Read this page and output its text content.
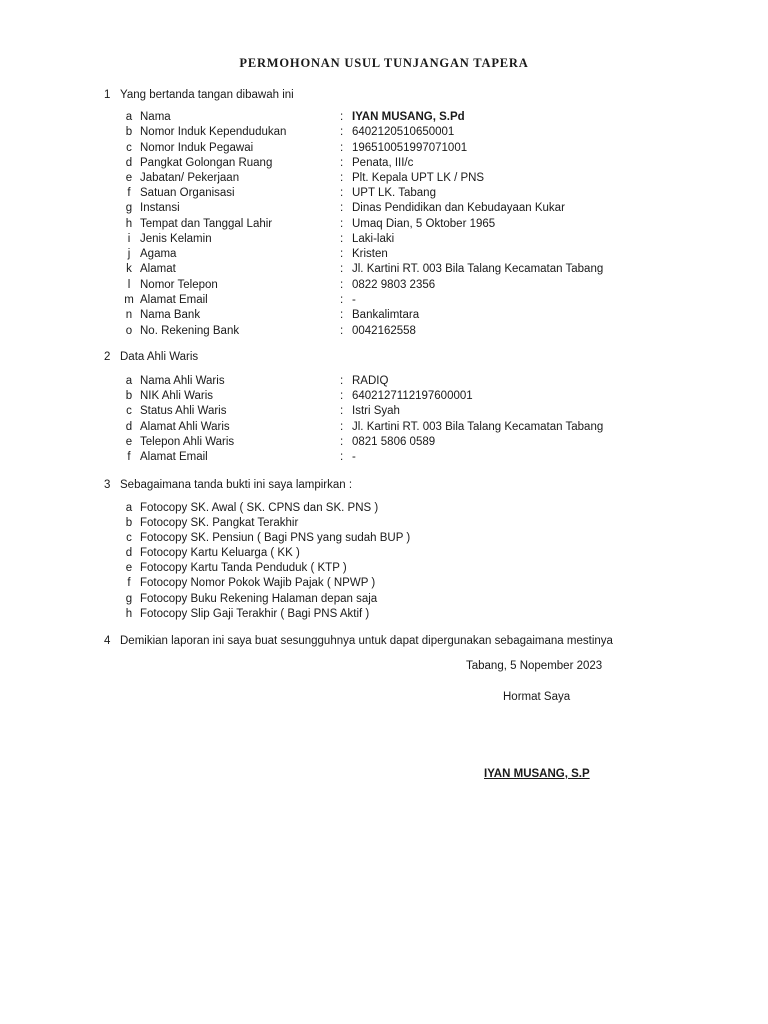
PERMOHONAN USUL TUNJANGAN TAPERA
1 Yang bertanda tangan dibawah ini
a Nama	: IYAN MUSANG, S.Pd
b Nomor Induk Kependudukan	: 6402120510650001
c Nomor Induk Pegawai	: 196510051997071001
d Pangkat Golongan Ruang	: Penata, III/c
e Jabatan/ Pekerjaan	: Plt. Kepala UPT LK / PNS
f Satuan Organisasi	: UPT LK. Tabang
g Instansi	: Dinas Pendidikan dan Kebudayaan Kukar
h Tempat dan Tanggal Lahir	: Umaq Dian, 5 Oktober 1965
i Jenis Kelamin	: Laki-laki
j Agama	: Kristen
k Alamat	: Jl. Kartini RT. 003 Bila Talang Kecamatan Tabang
l Nomor Telepon	: 0822 9803 2356
m Alamat Email	: -
n Nama Bank	: Bankalimtara
o No. Rekening Bank	: 0042162558
2 Data Ahli Waris
a Nama Ahli Waris	: RADIQ
b NIK Ahli Waris	: 6402127112197600001
c Status Ahli Waris	: Istri Syah
d Alamat Ahli Waris	: Jl. Kartini RT. 003 Bila Talang Kecamatan Tabang
e Telepon Ahli Waris	: 0821 5806 0589
f Alamat Email	: -
3 Sebagaimana tanda bukti ini saya lampirkan :
a Fotocopy SK. Awal ( SK. CPNS dan SK. PNS )
b Fotocopy SK. Pangkat Terakhir
c Fotocopy SK. Pensiun ( Bagi PNS yang sudah BUP )
d Fotocopy Kartu Keluarga ( KK )
e Fotocopy Kartu Tanda Penduduk ( KTP )
f Fotocopy Nomor Pokok Wajib Pajak ( NPWP )
g Fotocopy Buku Rekening Halaman depan saja
h Fotocopy Slip Gaji Terakhir ( Bagi PNS Aktif )
4 Demikian laporan ini saya buat sesungguhnya untuk dapat dipergunakan sebagaimana mestinya
Tabang, 5 Nopember 2023
Hormat Saya
IYAN MUSANG, S.P
